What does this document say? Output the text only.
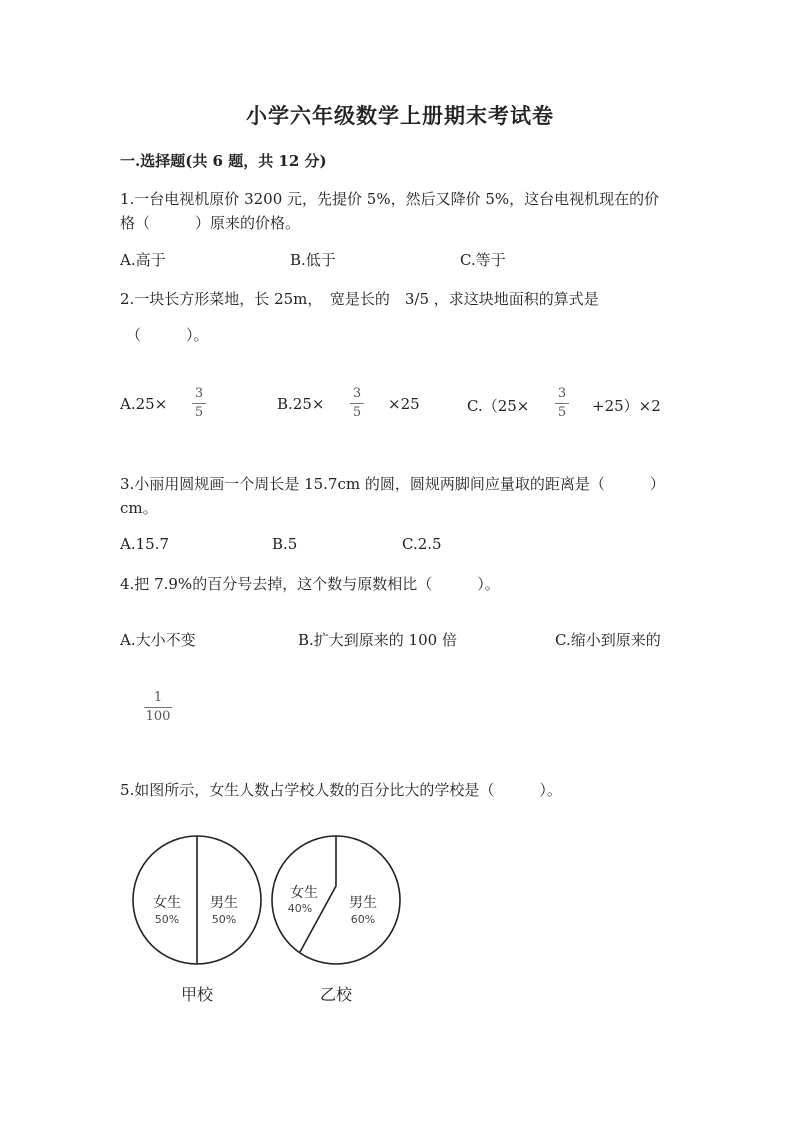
小学六年级数学上册期末考试卷
一.选择题(共 6 题，共 12 分)
1.一台电视机原价 3200 元，先提价 5%，然后又降价 5%，这台电视机现在的价
格（　　　）原来的价格。
A.高于	B.低于	C.等于
2.一块长方形菜地，长 25m，　宽是长的　3/5 ，求这块地面积的算式是
（　　　）。
A.25×
3
5	B.25×
3
5 ×25	C.（25×
3
5 +25）×2
3.小丽用圆规画一个周长是 15.7cm 的圆，圆规两脚间应量取的距离是（　　　）
cm。
A.15.7	B.5	C.2.5
4.把 7.9%的百分号去掉，这个数与原数相比（　　　）。
A.大小不变	B.扩大到原来的 100 倍	C.缩小到原来的
1
100
5.如图所示，女生人数占学校人数的百分比大的学校是（　　　）。
女生
50%
男生
50%
女生
40%	男生
60%
甲校	乙校
